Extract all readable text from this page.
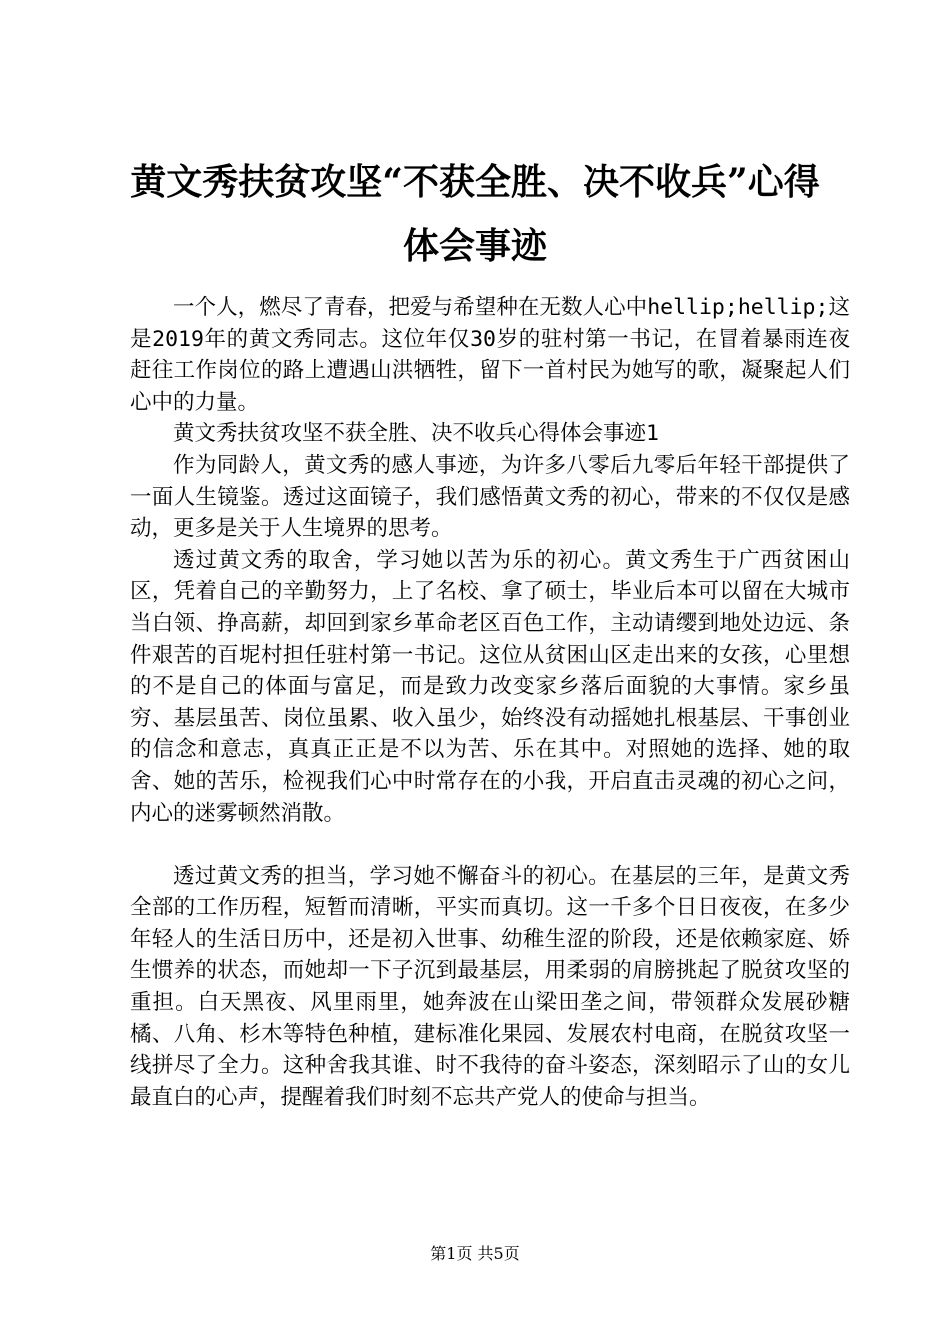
黄文秀扶贫攻坚“不获全胜、决不收兵”心得
体会事迹

一个人，燃尽了青春，把爱与希望种在无数人心中hellip;hellip;这是2019年的黄文秀同志。这位年仅30岁的驻村第一书记，在冒着暴雨连夜赶往工作岗位的路上遭遇山洪牺牲，留下一首村民为她写的歌，凝聚起人们心中的力量。

黄文秀扶贫攻坚不获全胜、决不收兵心得体会事迹1

作为同龄人，黄文秀的感人事迹，为许多八零后九零后年轻干部提供了一面人生镜鉴。透过这面镜子，我们感悟黄文秀的初心，带来的不仅仅是感动，更多是关于人生境界的思考。

透过黄文秀的取舍，学习她以苦为乐的初心。黄文秀生于广西贫困山区，凭着自己的辛勤努力，上了名校、拿了硕士，毕业后本可以留在大城市当白领、挣高薪，却回到家乡革命老区百色工作，主动请缨到地处边远、条件艰苦的百坭村担任驻村第一书记。这位从贫困山区走出来的女孩，心里想的不是自己的体面与富足，而是致力改变家乡落后面貌的大事情。家乡虽穷、基层虽苦、岗位虽累、收入虽少，始终没有动摇她扎根基层、干事创业的信念和意志，真真正正是不以为苦、乐在其中。对照她的选择、她的取舍、她的苦乐，检视我们心中时常存在的小我，开启直击灵魂的初心之问，内心的迷雾顿然消散。

透过黄文秀的担当，学习她不懈奋斗的初心。在基层的三年，是黄文秀全部的工作历程，短暂而清晰，平实而真切。这一千多个日日夜夜，在多少年轻人的生活日历中，还是初入世事、幼稚生涩的阶段，还是依赖家庭、娇生惯养的状态，而她却一下子沉到最基层，用柔弱的肩膀挑起了脱贫攻坚的重担。白天黑夜、风里雨里，她奔波在山梁田垄之间，带领群众发展砂糖橘、八角、杉木等特色种植，建标准化果园、发展农村电商，在脱贫攻坚一线拼尽了全力。这种舍我其谁、时不我待的奋斗姿态，深刻昭示了山的女儿最直白的心声，提醒着我们时刻不忘共产党人的使命与担当。

第1页 共5页
